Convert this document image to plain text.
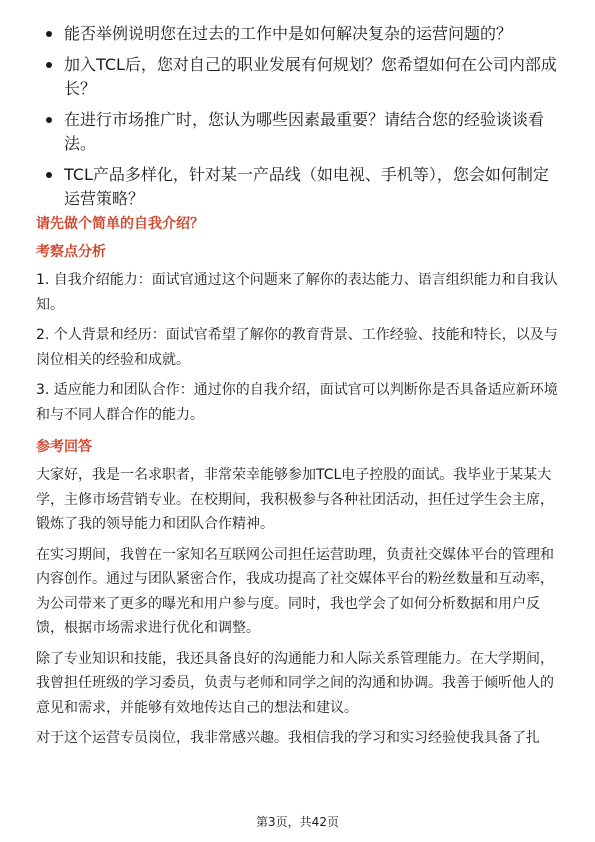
能否举例说明您在过去的工作中是如何解决复杂的运营问题的？
加入TCL后，您对自己的职业发展有何规划？您希望如何在公司内部成长？
在进行市场推广时，您认为哪些因素最重要？请结合您的经验谈谈看法。
TCL产品多样化，针对某一产品线（如电视、手机等），您会如何制定运营策略？

请先做个简单的自我介绍？

考察点分析

1. 自我介绍能力：面试官通过这个问题来了解你的表达能力、语言组织能力和自我认知。

2. 个人背景和经历：面试官希望了解你的教育背景、工作经验、技能和特长，以及与岗位相关的经验和成就。

3. 适应能力和团队合作：通过你的自我介绍，面试官可以判断你是否具备适应新环境和与不同人群合作的能力。

参考回答

大家好，我是一名求职者，非常荣幸能够参加TCL电子控股的面试。我毕业于某某大学，主修市场营销专业。在校期间，我积极参与各种社团活动，担任过学生会主席，锻炼了我的领导能力和团队合作精神。

在实习期间，我曾在一家知名互联网公司担任运营助理，负责社交媒体平台的管理和内容创作。通过与团队紧密合作，我成功提高了社交媒体平台的粉丝数量和互动率，为公司带来了更多的曝光和用户参与度。同时，我也学会了如何分析数据和用户反馈，根据市场需求进行优化和调整。

除了专业知识和技能，我还具备良好的沟通能力和人际关系管理能力。在大学期间，我曾担任班级的学习委员，负责与老师和同学之间的沟通和协调。我善于倾听他人的意见和需求，并能够有效地传达自己的想法和建议。

对于这个运营专员岗位，我非常感兴趣。我相信我的学习和实习经验使我具备了扎

第3页，共42页
